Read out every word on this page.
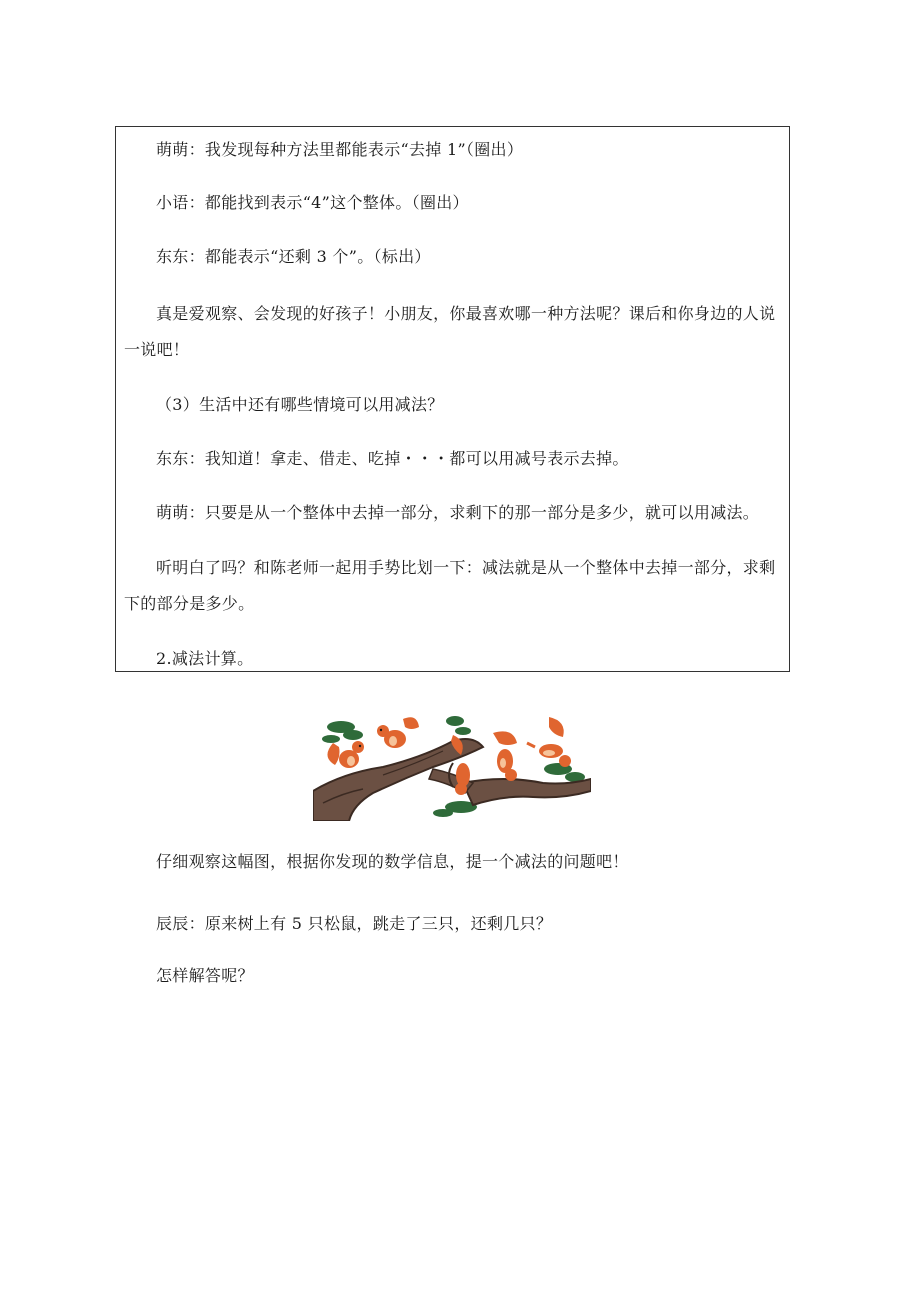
萌萌：我发现每种方法里都能表示“去掉 1”（圈出）
小语：都能找到表示“4”这个整体。（圈出）
东东：都能表示“还剩 3 个”。（标出）
真是爱观察、会发现的好孩子！小朋友，你最喜欢哪一种方法呢？课后和你身边的人说一说吧！
（3）生活中还有哪些情境可以用减法？
东东：我知道！拿走、借走、吃掉・・・都可以用减号表示去掉。
萌萌：只要是从一个整体中去掉一部分，求剩下的那一部分是多少，就可以用减法。
听明白了吗？和陈老师一起用手势比划一下：减法就是从一个整体中去掉一部分，求剩下的部分是多少。
2.减法计算。
仔细观察这幅图，根据你发现的数学信息，提一个减法的问题吧！
辰辰：原来树上有 5 只松鼠，跳走了三只，还剩几只？
怎样解答呢？
